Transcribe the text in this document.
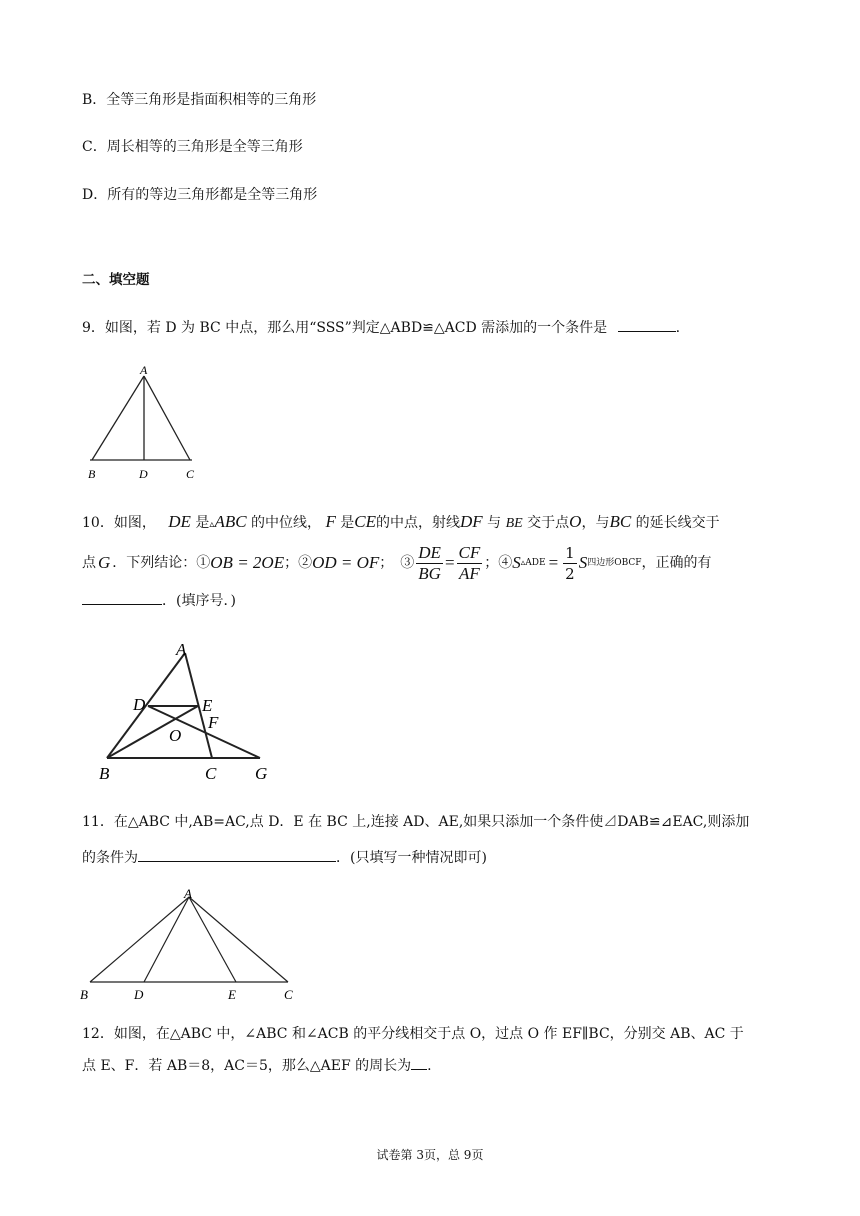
B．全等三角形是指面积相等的三角形
C．周长相等的三角形是全等三角形
D．所有的等边三角形都是全等三角形
二、填空题
9．如图，若 D 为 BC 中点，那么用“SSS”判定△ABD≌△ACD 需添加的一个条件是	.
A
B	D	C
10．如图， DE 是▵ABC 的中位线， F 是CE的中点，射线DF 与 BE 交于点O，与BC 的延长线交于
点 G ．下列结论：① OB = 2OE ；② OD = OF ；　③ $\frac{DE}{BG} = \frac{CF}{AF}$ ；④ S ▵ADE = $\frac{1}{2}$ S 四边形OBCF ，正确的有
．(填序号．)
A
D	E
F
O
B	C G
11．在△ABC 中,AB=AC,点 D．E 在 BC 上,连接 AD、AE,如果只添加一个条件使⊿DAB≌⊿EAC,则添加
的条件为	．(只填写一种情况即可)
A
B	D	E	C
12．如图，在△ABC 中，∠ABC 和∠ACB 的平分线相交于点 O，过点 O 作 EF∥BC，分别交 AB、AC 于
点 E、F．若 AB＝8，AC＝5，那么△AEF 的周长为 .
试卷第 3页，总 9页
